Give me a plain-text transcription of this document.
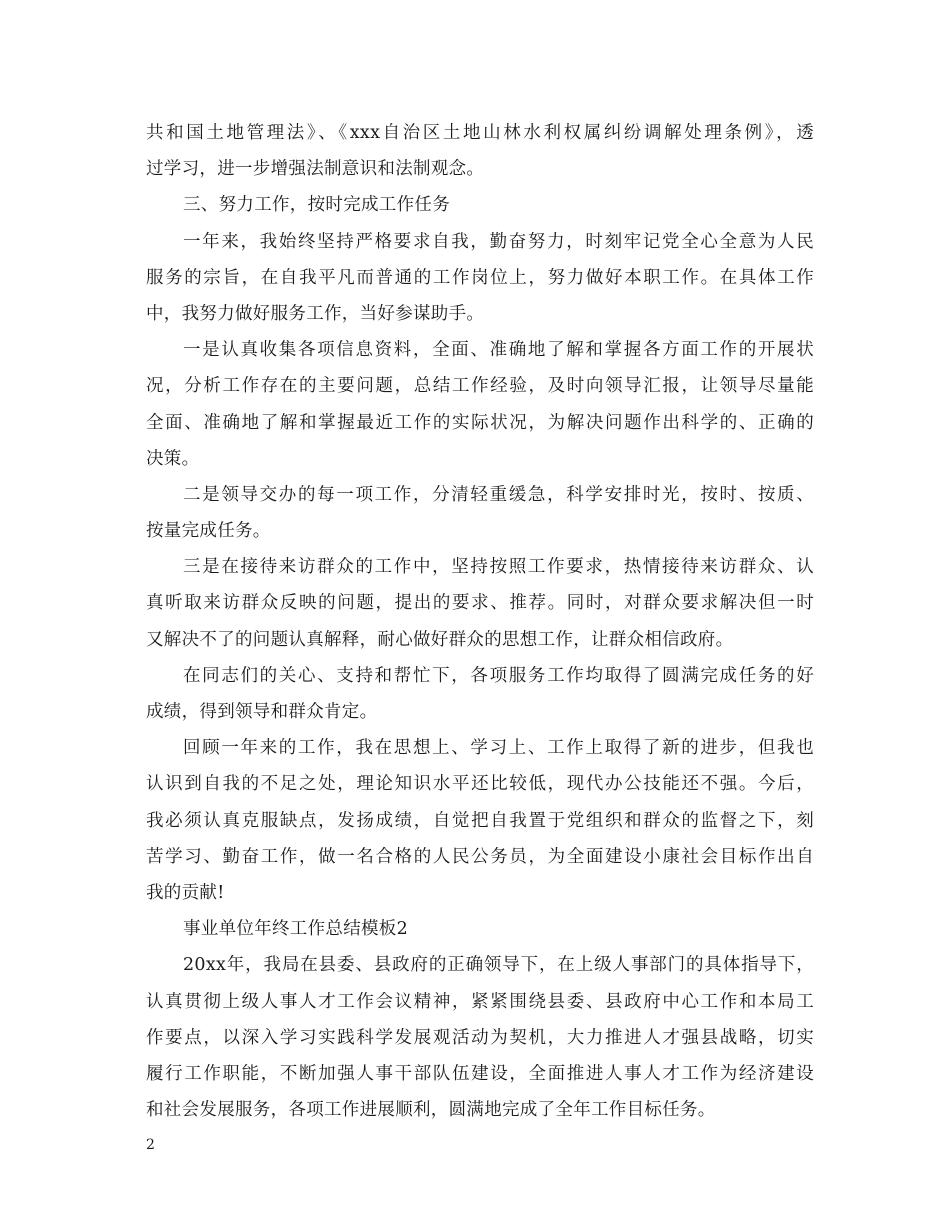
共和国土地管理法》、《xxx自治区土地山林水利权属纠纷调解处理条例》，透
过学习，进一步增强法制意识和法制观念。
三、努力工作，按时完成工作任务
一年来，我始终坚持严格要求自我，勤奋努力，时刻牢记党全心全意为人民
服务的宗旨，在自我平凡而普通的工作岗位上，努力做好本职工作。在具体工作
中，我努力做好服务工作，当好参谋助手。
一是认真收集各项信息资料，全面、准确地了解和掌握各方面工作的开展状
况，分析工作存在的主要问题，总结工作经验，及时向领导汇报，让领导尽量能
全面、准确地了解和掌握最近工作的实际状况，为解决问题作出科学的、正确的
决策。
二是领导交办的每一项工作，分清轻重缓急，科学安排时光，按时、按质、
按量完成任务。
三是在接待来访群众的工作中，坚持按照工作要求，热情接待来访群众、认
真听取来访群众反映的问题，提出的要求、推荐。同时，对群众要求解决但一时
又解决不了的问题认真解释，耐心做好群众的思想工作，让群众相信政府。
在同志们的关心、支持和帮忙下，各项服务工作均取得了圆满完成任务的好
成绩，得到领导和群众肯定。
回顾一年来的工作，我在思想上、学习上、工作上取得了新的进步，但我也
认识到自我的不足之处，理论知识水平还比较低，现代办公技能还不强。今后，
我必须认真克服缺点，发扬成绩，自觉把自我置于党组织和群众的监督之下，刻
苦学习、勤奋工作，做一名合格的人民公务员，为全面建设小康社会目标作出自
我的贡献!
事业单位年终工作总结模板2
20xx年，我局在县委、县政府的正确领导下，在上级人事部门的具体指导下，
认真贯彻上级人事人才工作会议精神，紧紧围绕县委、县政府中心工作和本局工
作要点，以深入学习实践科学发展观活动为契机，大力推进人才强县战略，切实
履行工作职能，不断加强人事干部队伍建设，全面推进人事人才工作为经济建设
和社会发展服务，各项工作进展顺利，圆满地完成了全年工作目标任务。
2
